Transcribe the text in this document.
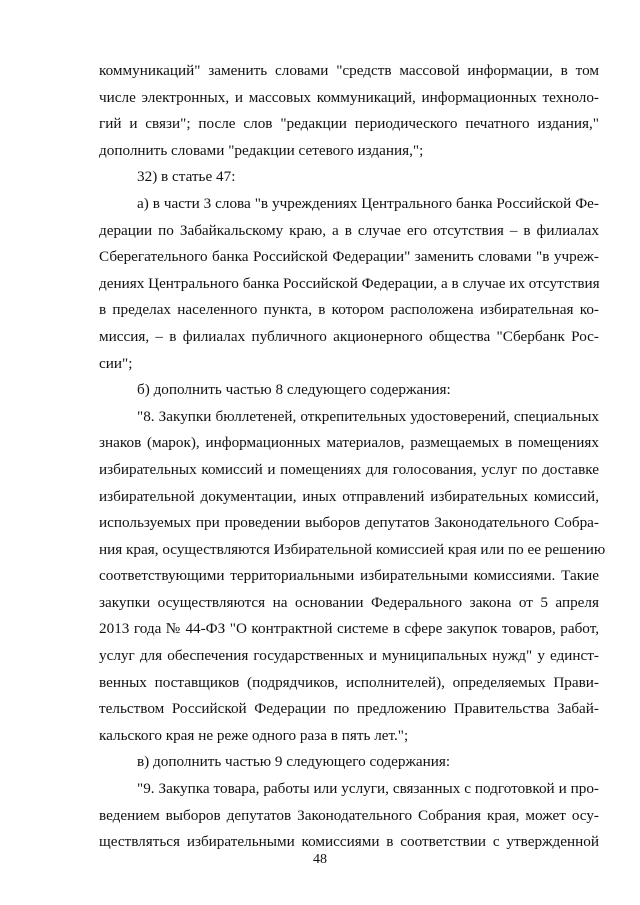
коммуникаций" заменить словами "средств массовой информации, в том
числе электронных, и массовых коммуникаций, информационных техноло-
гий и связи"; после слов "редакции периодического печатного издания,"
дополнить словами "редакции сетевого издания,";
32) в статье 47:
а) в части 3 слова "в учреждениях Центрального банка Российской Фе-
дерации по Забайкальскому краю, а в случае его отсутствия – в филиалах
Сберегательного банка Российской Федерации" заменить словами "в учреж-
дениях Центрального банка Российской Федерации, а в случае их отсутствия
в пределах населенного пункта, в котором расположена избирательная ко-
миссия, – в филиалах публичного акционерного общества "Сбербанк Рос-
сии";
б) дополнить частью 8 следующего содержания:
"8. Закупки бюллетеней, открепительных удостоверений, специальных
знаков (марок), информационных материалов, размещаемых в помещениях
избирательных комиссий и помещениях для голосования, услуг по доставке
избирательной документации, иных отправлений избирательных комиссий,
используемых при проведении выборов депутатов Законодательного Собра-
ния края, осуществляются Избирательной комиссией края или по ее решению
соответствующими территориальными избирательными комиссиями. Такие
закупки осуществляются на основании Федерального закона от 5 апреля
2013 года № 44-ФЗ "О контрактной системе в сфере закупок товаров, работ,
услуг для обеспечения государственных и муниципальных нужд" у единст-
венных поставщиков (подрядчиков, исполнителей), определяемых Прави-
тельством Российской Федерации по предложению Правительства Забай-
кальского края не реже одного раза в пять лет.";
в) дополнить частью 9 следующего содержания:
"9. Закупка товара, работы или услуги, связанных с подготовкой и про-
ведением выборов депутатов Законодательного Собрания края, может осу-
ществляться избирательными комиссиями в соответствии с утвержденной
48
